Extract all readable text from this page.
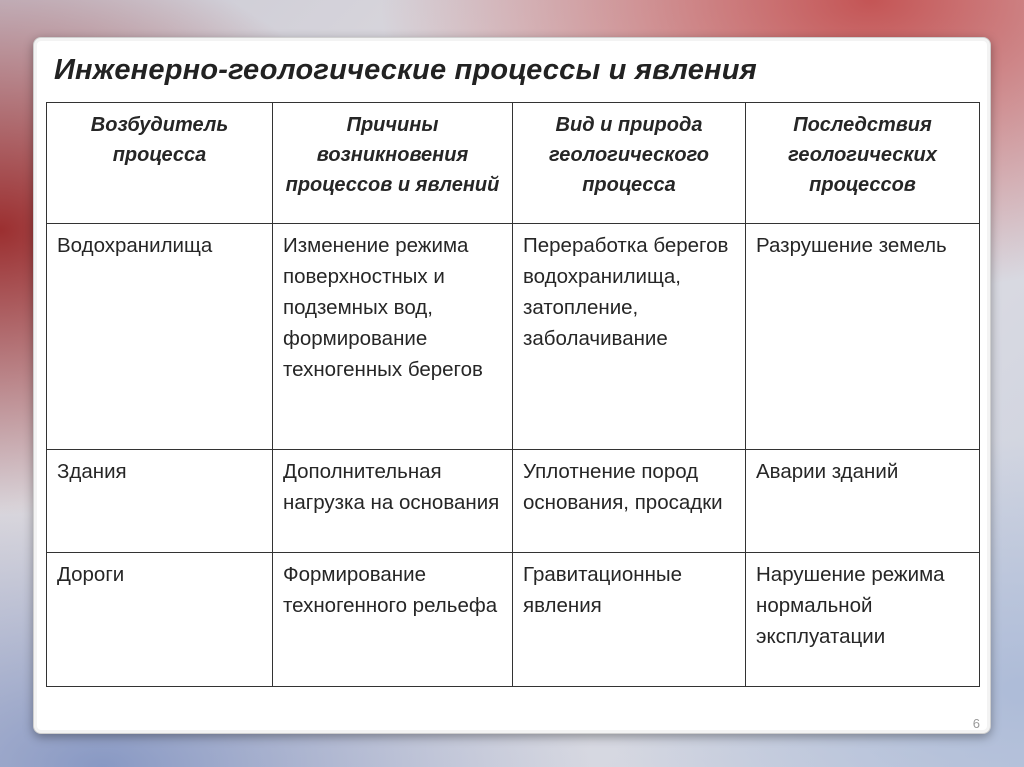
Инженерно-геологические процессы и явления
Возбудитель процесса	Причины возникновения процессов и явлений	Вид и природа геологического процесса	Последствия геологических процессов
Водохранилища	Изменение режима поверхностных и подземных вод, формирование техногенных берегов	Переработка берегов водохранилища, затопление, заболачивание	Разрушение земель
Здания	Дополнительная нагрузка на основания	Уплотнение пород основания, просадки	Аварии зданий
Дороги	Формирование техногенного рельефа	Гравитационные явления	Нарушение режима нормальной эксплуатации
6
